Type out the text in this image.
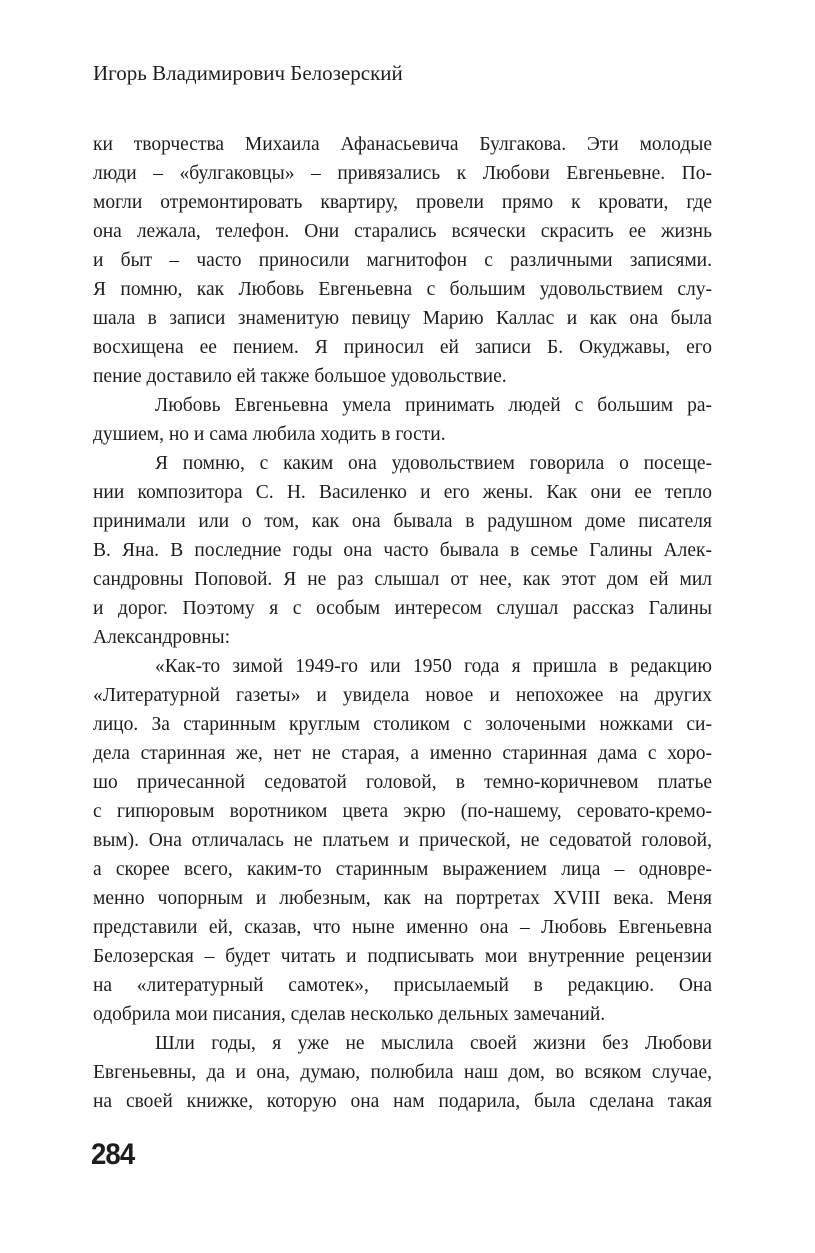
Игорь Владимирович Белозерский
ки творчества Михаила Афанасьевича Булгакова. Эти молодые
люди – «булгаковцы» – привязались к Любови Евгеньевне. По-
могли отремонтировать квартиру, провели прямо к кровати, где
она лежала, телефон. Они старались всячески скрасить ее жизнь
и быт – часто приносили магнитофон с различными записями.
Я помню, как Любовь Евгеньевна с большим удовольствием слу-
шала в записи знаменитую певицу Марию Каллас и как она была
восхищена ее пением. Я приносил ей записи Б. Окуджавы, его
пение доставило ей также большое удовольствие.
Любовь Евгеньевна умела принимать людей с большим ра-
душием, но и сама любила ходить в гости.
Я помню, с каким она удовольствием говорила о посеще-
нии композитора С. Н. Василенко и его жены. Как они ее тепло
принимали или о том, как она бывала в радушном доме писателя
В. Яна. В последние годы она часто бывала в семье Галины Алек-
сандровны Поповой. Я не раз слышал от нее, как этот дом ей мил
и дорог. Поэтому я с особым интересом слушал рассказ Галины
Александровны:
«Как-то зимой 1949-го или 1950 года я пришла в редакцию
«Литературной газеты» и увидела новое и непохожее на других
лицо. За старинным круглым столиком с золочеными ножками си-
дела старинная же, нет не старая, а именно старинная дама с хоро-
шо причесанной седоватой головой, в темно-коричневом платье
с гипюровым воротником цвета экрю (по-нашему, серовато-кремо-
вым). Она отличалась не платьем и прической, не седоватой головой,
а скорее всего, каким-то старинным выражением лица – одновре-
менно чопорным и любезным, как на портретах XVIII века. Меня
представили ей, сказав, что ныне именно она – Любовь Евгеньевна
Белозерская – будет читать и подписывать мои внутренние рецензии
на «литературный самотек», присылаемый в редакцию. Она
одобрила мои писания, сделав несколько дельных замечаний.
Шли годы, я уже не мыслила своей жизни без Любови
Евгеньевны, да и она, думаю, полюбила наш дом, во всяком случае,
на своей книжке, которую она нам подарила, была сделана такая
284
